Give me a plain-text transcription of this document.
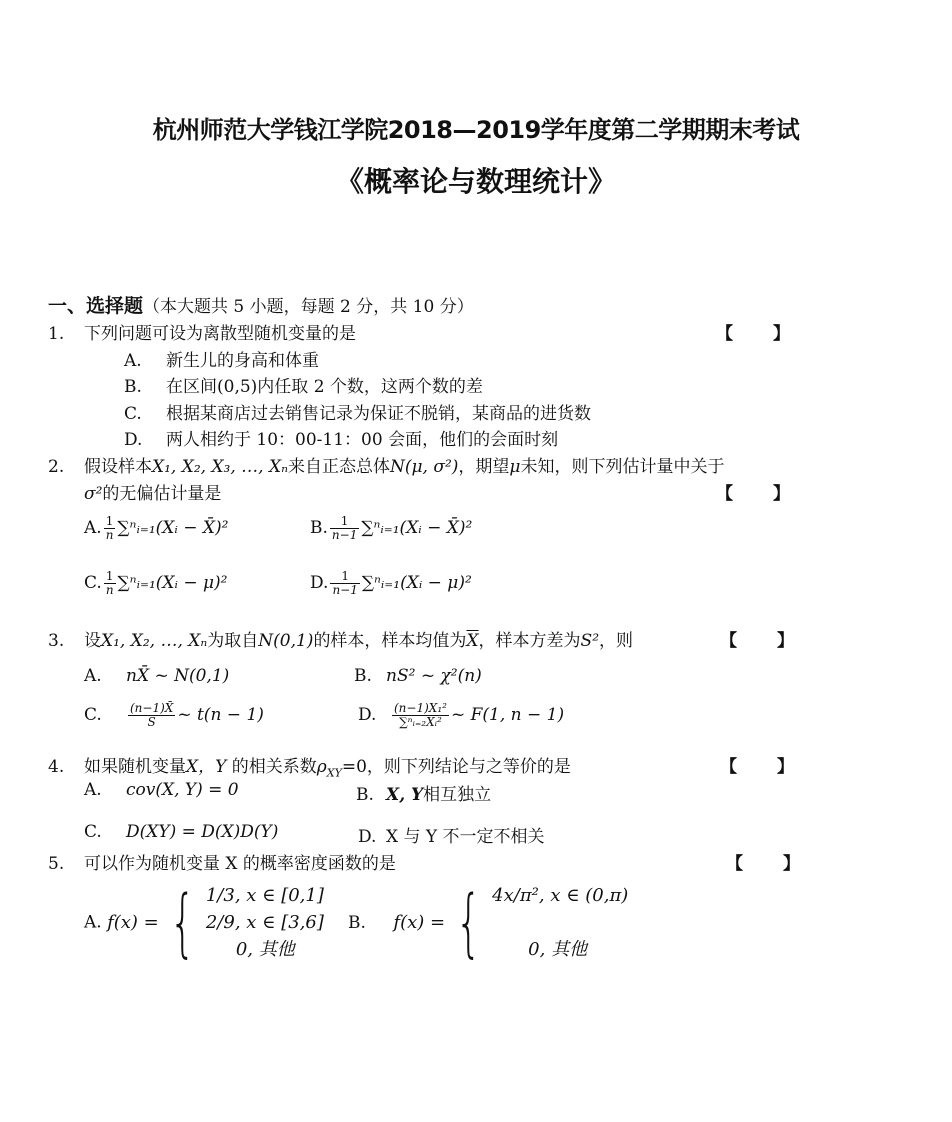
杭州师范大学钱江学院2018—2019学年度第二学期期末考试
《概率论与数理统计》
一、选择题（本大题共 5 小题，每题 2 分，共 10 分）
1. 下列问题可设为离散型随机变量的是	【 】
A. 新生儿的身高和体重
B. 在区间(0,5)内任取 2 个数，这两个数的差
C. 根据某商店过去销售记录为保证不脱销，某商品的进货数
D. 两人相约于 10：00-11：00 会面，他们的会面时刻
2. 假设样本X₁, X₂, X₃, …, Xₙ来自正态总体N(μ, σ²)，期望μ未知，则下列估计量中关于
σ²的无偏估计量是	【 】
A. $\frac{1}{n}$ ∑ⁿᵢ₌₁(Xᵢ − X̄)²	B. $\frac{1}{n-1}$ ∑ⁿᵢ₌₁(Xᵢ − X̄)²
C. $\frac{1}{n}$ ∑ⁿᵢ₌₁(Xᵢ − μ)²	D. $\frac{1}{n-1}$ ∑ⁿᵢ₌₁(Xᵢ − μ)²
3. 设X₁, X₂, …, Xₙ为取自N(0,1)的样本，样本均值为$\overline{X}$，样本方差为S²，则	【 】
A. nX̄ ~ N(0,1)	B. nS² ~ χ²(n)
C. $\frac{(n-1)X̄}{S}$ ~ t(n − 1)	D. $\frac{\text{(n−1)X₁²}}{\text{∑ⁿᵢ₌₂Xᵢ²}}$ ~ F(1, n − 1)
4. 如果随机变量X，Y 的相关系数$\rho_{XY}=0$，则下列结论与之等价的是	【 】
A. cov(X, Y) = 0	B. X, Y相互独立
C. D(XY) = D(X)D(Y)	D. X 与 Y 不一定不相关
5. 可以作为随机变量 X 的概率密度函数的是	【 】
A. f(x) = { 1/3, x ∈ [0,1]
2/9, x ∈ [3,6]
0, 其他
B. f(x) = { 4x/π², x ∈ (0,π)
0, 其他
